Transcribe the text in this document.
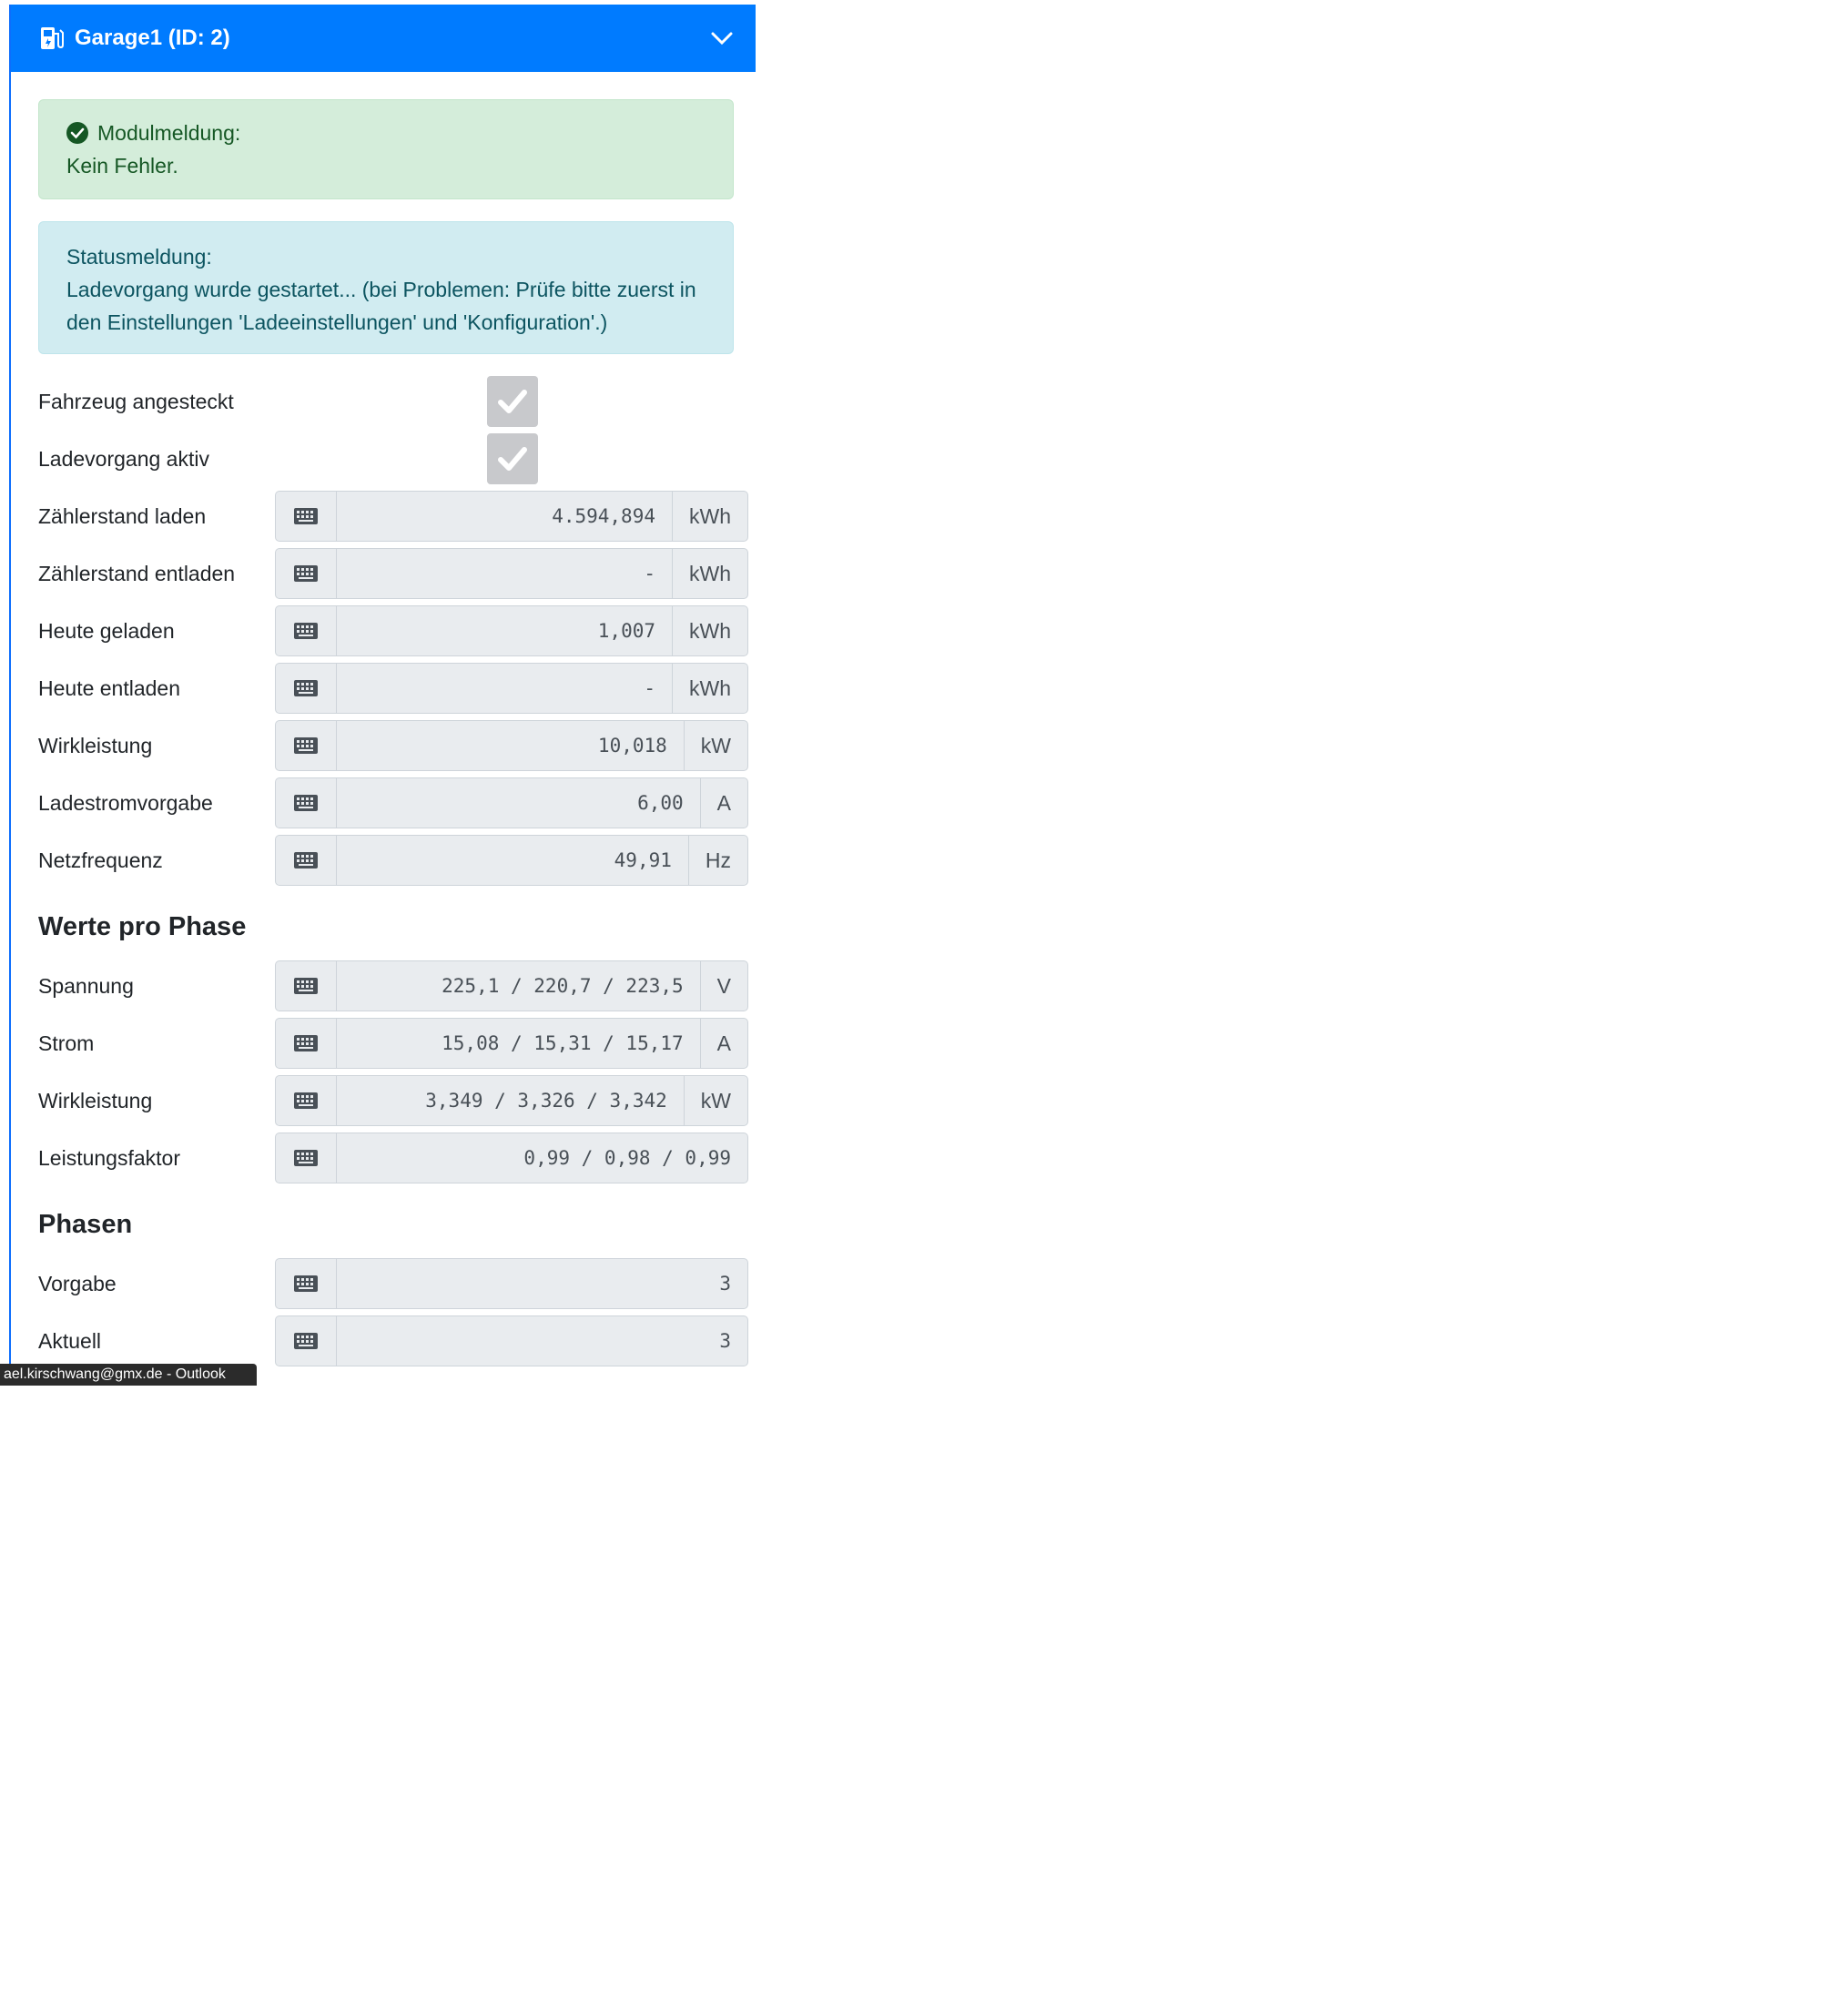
Garage1 (ID: 2)
Modulmeldung:
Kein Fehler.
Statusmeldung:
Ladevorgang wurde gestartet... (bei Problemen: Prüfe bitte zuerst in den Einstellungen 'Ladeeinstellungen' und 'Konfiguration'.)
Fahrzeug angesteckt
Ladevorgang aktiv
Zählerstand laden	4.594,894	kWh
Zählerstand entladen	-	kWh
Heute geladen	1,007	kWh
Heute entladen	-	kWh
Wirkleistung	10,018	kW
Ladestromvorgabe	6,00	A
Netzfrequenz	49,91	Hz
Werte pro Phase
Spannung	225,1 / 220,7 / 223,5	V
Strom	15,08 / 15,31 / 15,17	A
Wirkleistung	3,349 / 3,326 / 3,342	kW
Leistungsfaktor	0,99 / 0,98 / 0,99
Phasen
Vorgabe	3
Aktuell	3
ael.kirschwang@gmx.de - Outlook
